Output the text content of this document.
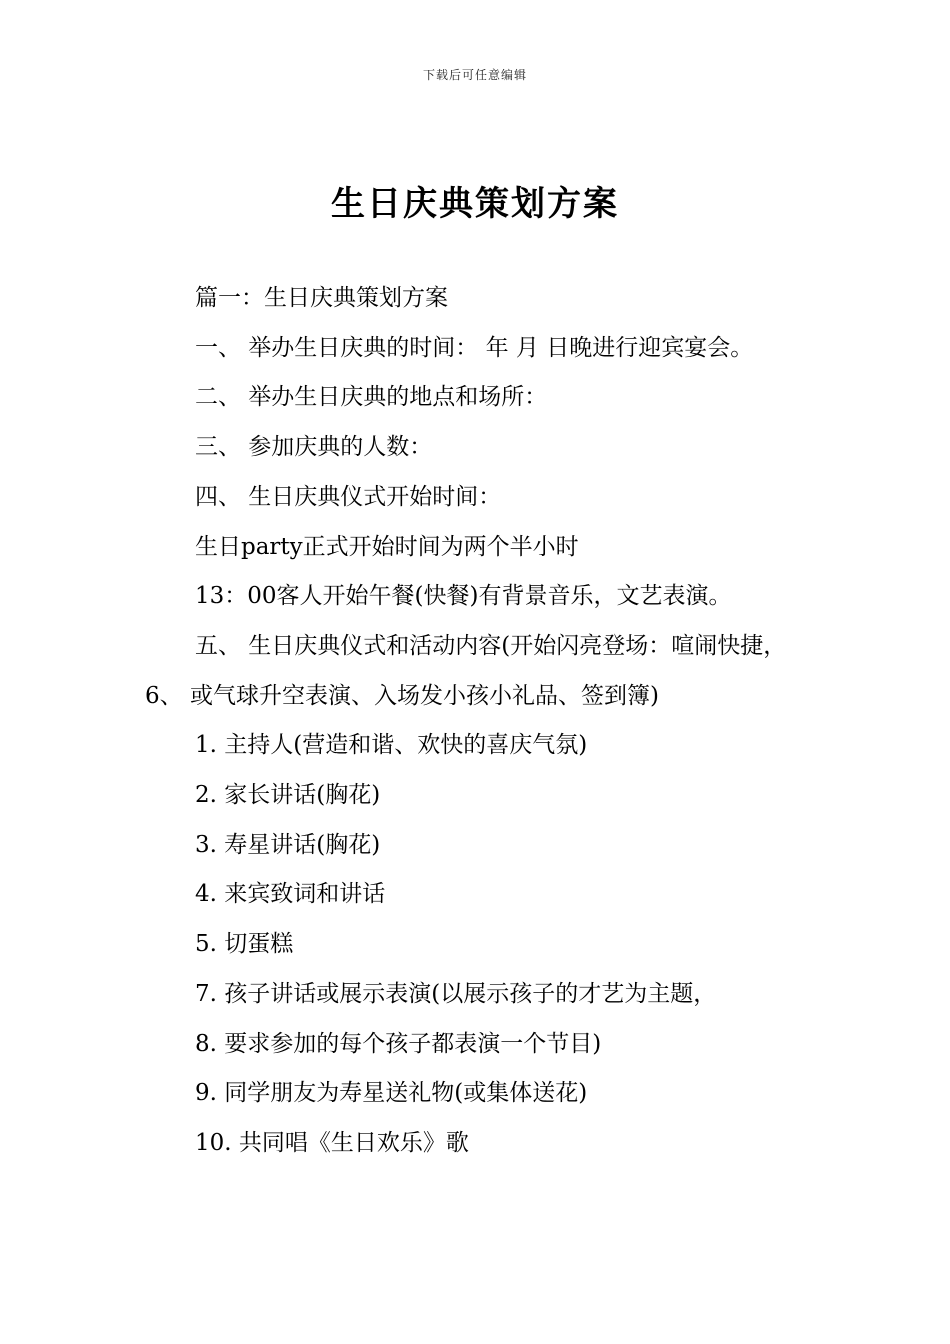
下载后可任意编辑
生日庆典策划方案

篇一：生日庆典策划方案

一、 举办生日庆典的时间： 年 月 日晚进行迎宾宴会。

二、 举办生日庆典的地点和场所：

三、 参加庆典的人数：

四、 生日庆典仪式开始时间：

生日party正式开始时间为两个半小时

13：00客人开始午餐(快餐)有背景音乐，文艺表演。

五、 生日庆典仪式和活动内容(开始闪亮登场：喧闹快捷，6、 或气球升空表演、入场发小孩小礼品、签到簿)

1. 主持人(营造和谐、欢快的喜庆气氛)

2. 家长讲话(胸花)

3. 寿星讲话(胸花)

4. 来宾致词和讲话

5. 切蛋糕

7. 孩子讲话或展示表演(以展示孩子的才艺为主题，

8. 要求参加的每个孩子都表演一个节目)

9. 同学朋友为寿星送礼物(或集体送花)

10. 共同唱《生日欢乐》歌
